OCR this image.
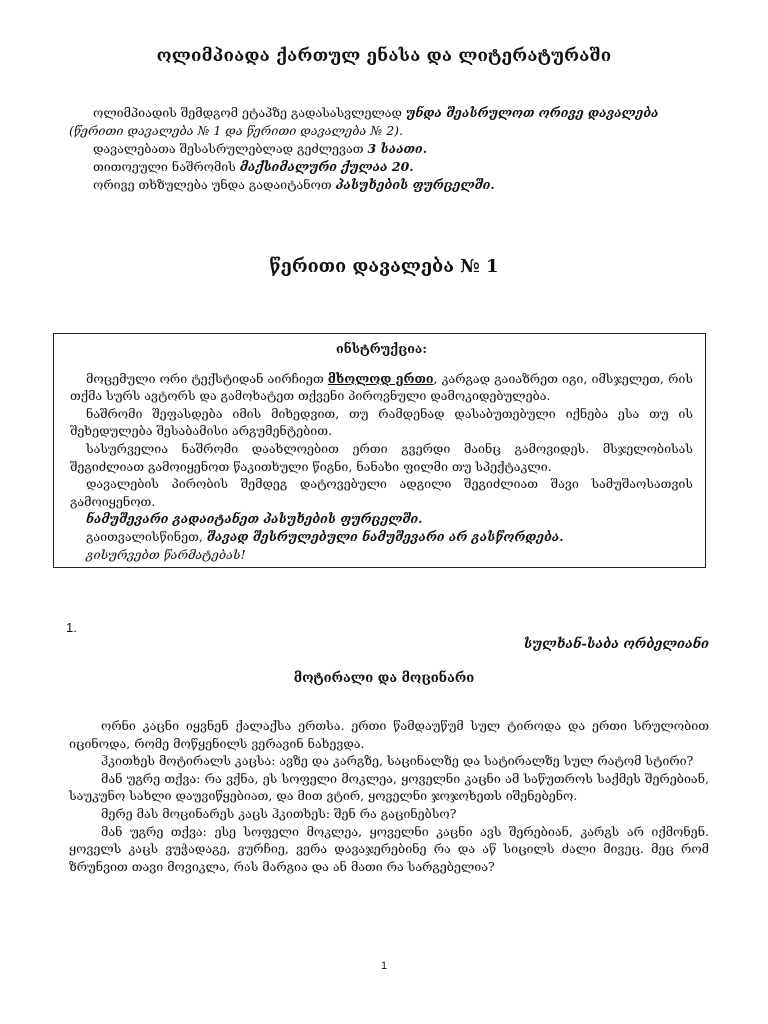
ოლიმპიადა ქართულ ენასა და ლიტერატურაში

ოლიმპიადის შემდგომ ეტაპზე გადასასვლელად უნდა შეასრულოთ ორივე დავალება (წერითი დავალება № 1 და წერითი დავალება № 2).

დავალებათა შესასრულებლად გეძლევათ 3 საათი.

თითოეული ნაშრომის მაქსიმალური ქულაა 20.

ორივე თხზულება უნდა გადაიტანოთ პასუხების ფურცელში.

წერითი დავალება № 1
ინსტრუქცია:

მოცემული ორი ტექსტიდან აირჩიეთ მხოლოდ ერთი, კარგად გაიაზრეთ იგი, იმსჯელეთ, რის თქმა სურს ავტორს და გამოხატეთ თქვენი პიროვნული დამოკიდებულება.

ნაშრომი შეფასდება იმის მიხედვით, თუ რამდენად დასაბუთებული იქნება ესა თუ ის შეხედულება შესაბამისი არგუმენტებით.

სასურველია ნაშრომი დაახლოებით ერთი გვერდი მაინც გამოვიდეს. მსჯელობისას შეგიძლიათ გამოიყენოთ წაკითხული წიგნი, ნანახი ფილმი თუ სპექტაკლი.

დავალების პირობის შემდეგ დატოვებული ადგილი შეგიძლიათ შავი სამუშაოსათვის გამოიყენოთ.

ნამუშევარი გადაიტანეთ პასუხების ფურცელში.

გაითვალისწინეთ, შავად შესრულებული ნამუშევარი არ გასწორდება.

გისურვებთ წარმატებას!

1.
სულხან-საბა ორბელიანი
მოტირალი და მოცინარი

ორნი კაცნი იყვნენ ქალაქსა ერთსა. ერთი წამდაუწუმ სულ ტიროდა და ერთი სრულობით იცინოდა, რომე მოწყენილს ვერავინ ნახევდა.

ჰკითხეს მოტირალს კაცსა: ავზე და კარგზე, საცინალზე და სატირალზე სულ რატომ სტირი?

მან უგრე თქვა: რა ვქნა, ეს სოფელი მოკლეა, ყოველნი კაცნი ამ საწუთროს საქმეს შერებიან, საუკუნო სახლი დაუვიწყებიათ, და მით ვტირ, ყოველნი ჯოჯოხეთს იშენებენო.

მერე მას მოცინარეს კაცს ჰკითხეს: შენ რა გაცინებსო?

მან უგრე თქვა: ესე სოფელი მოკლეა, ყოველნი კაცნი ავს შერებიან, კარგს არ იქმონენ. ყოველს კაცს ვუჭადაგე, ვურჩიე, ვერა დავაჯერებინე რა და აწ სიცილს ძალი მივეც. მეც რომ ზრუნვით თავი მოვიკლა, რას მარგია და ან მათი რა სარგებელია?

1
